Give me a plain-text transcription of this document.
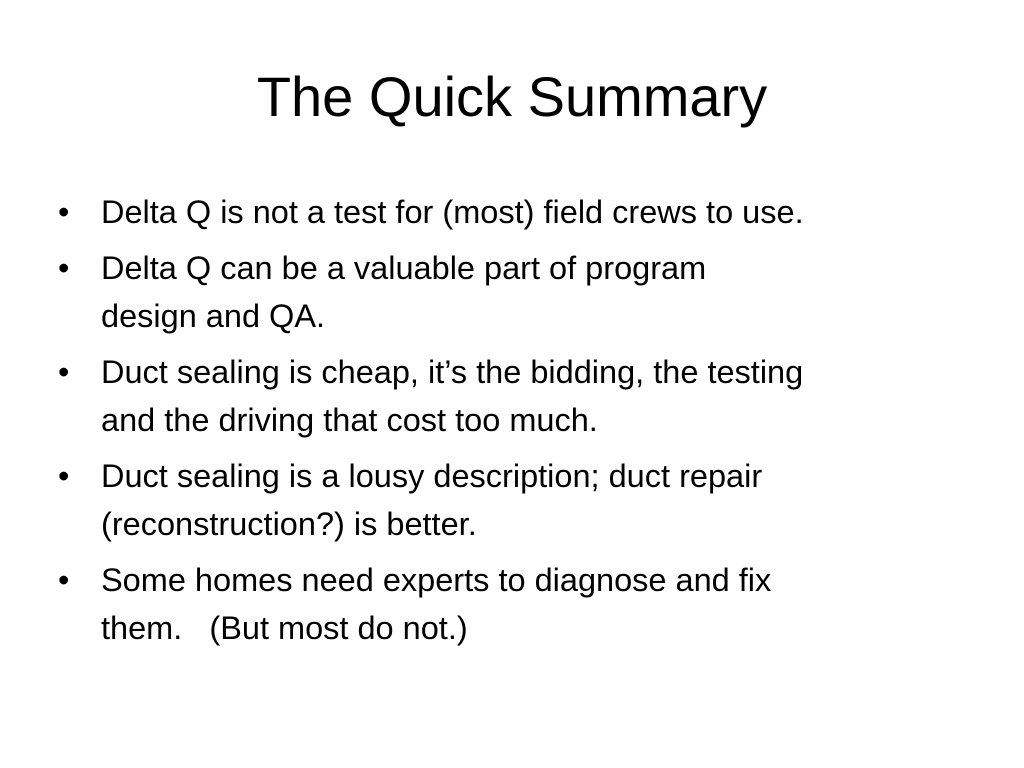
The Quick Summary
• Delta Q is not a test for (most) field crews to use.
• Delta Q can be a valuable part of program
design and QA.
• Duct sealing is cheap, it’s the bidding, the testing
and the driving that cost too much.
• Duct sealing is a lousy description; duct repair
(reconstruction?) is better.
• Some homes need experts to diagnose and fix
them.   (But most do not.)
